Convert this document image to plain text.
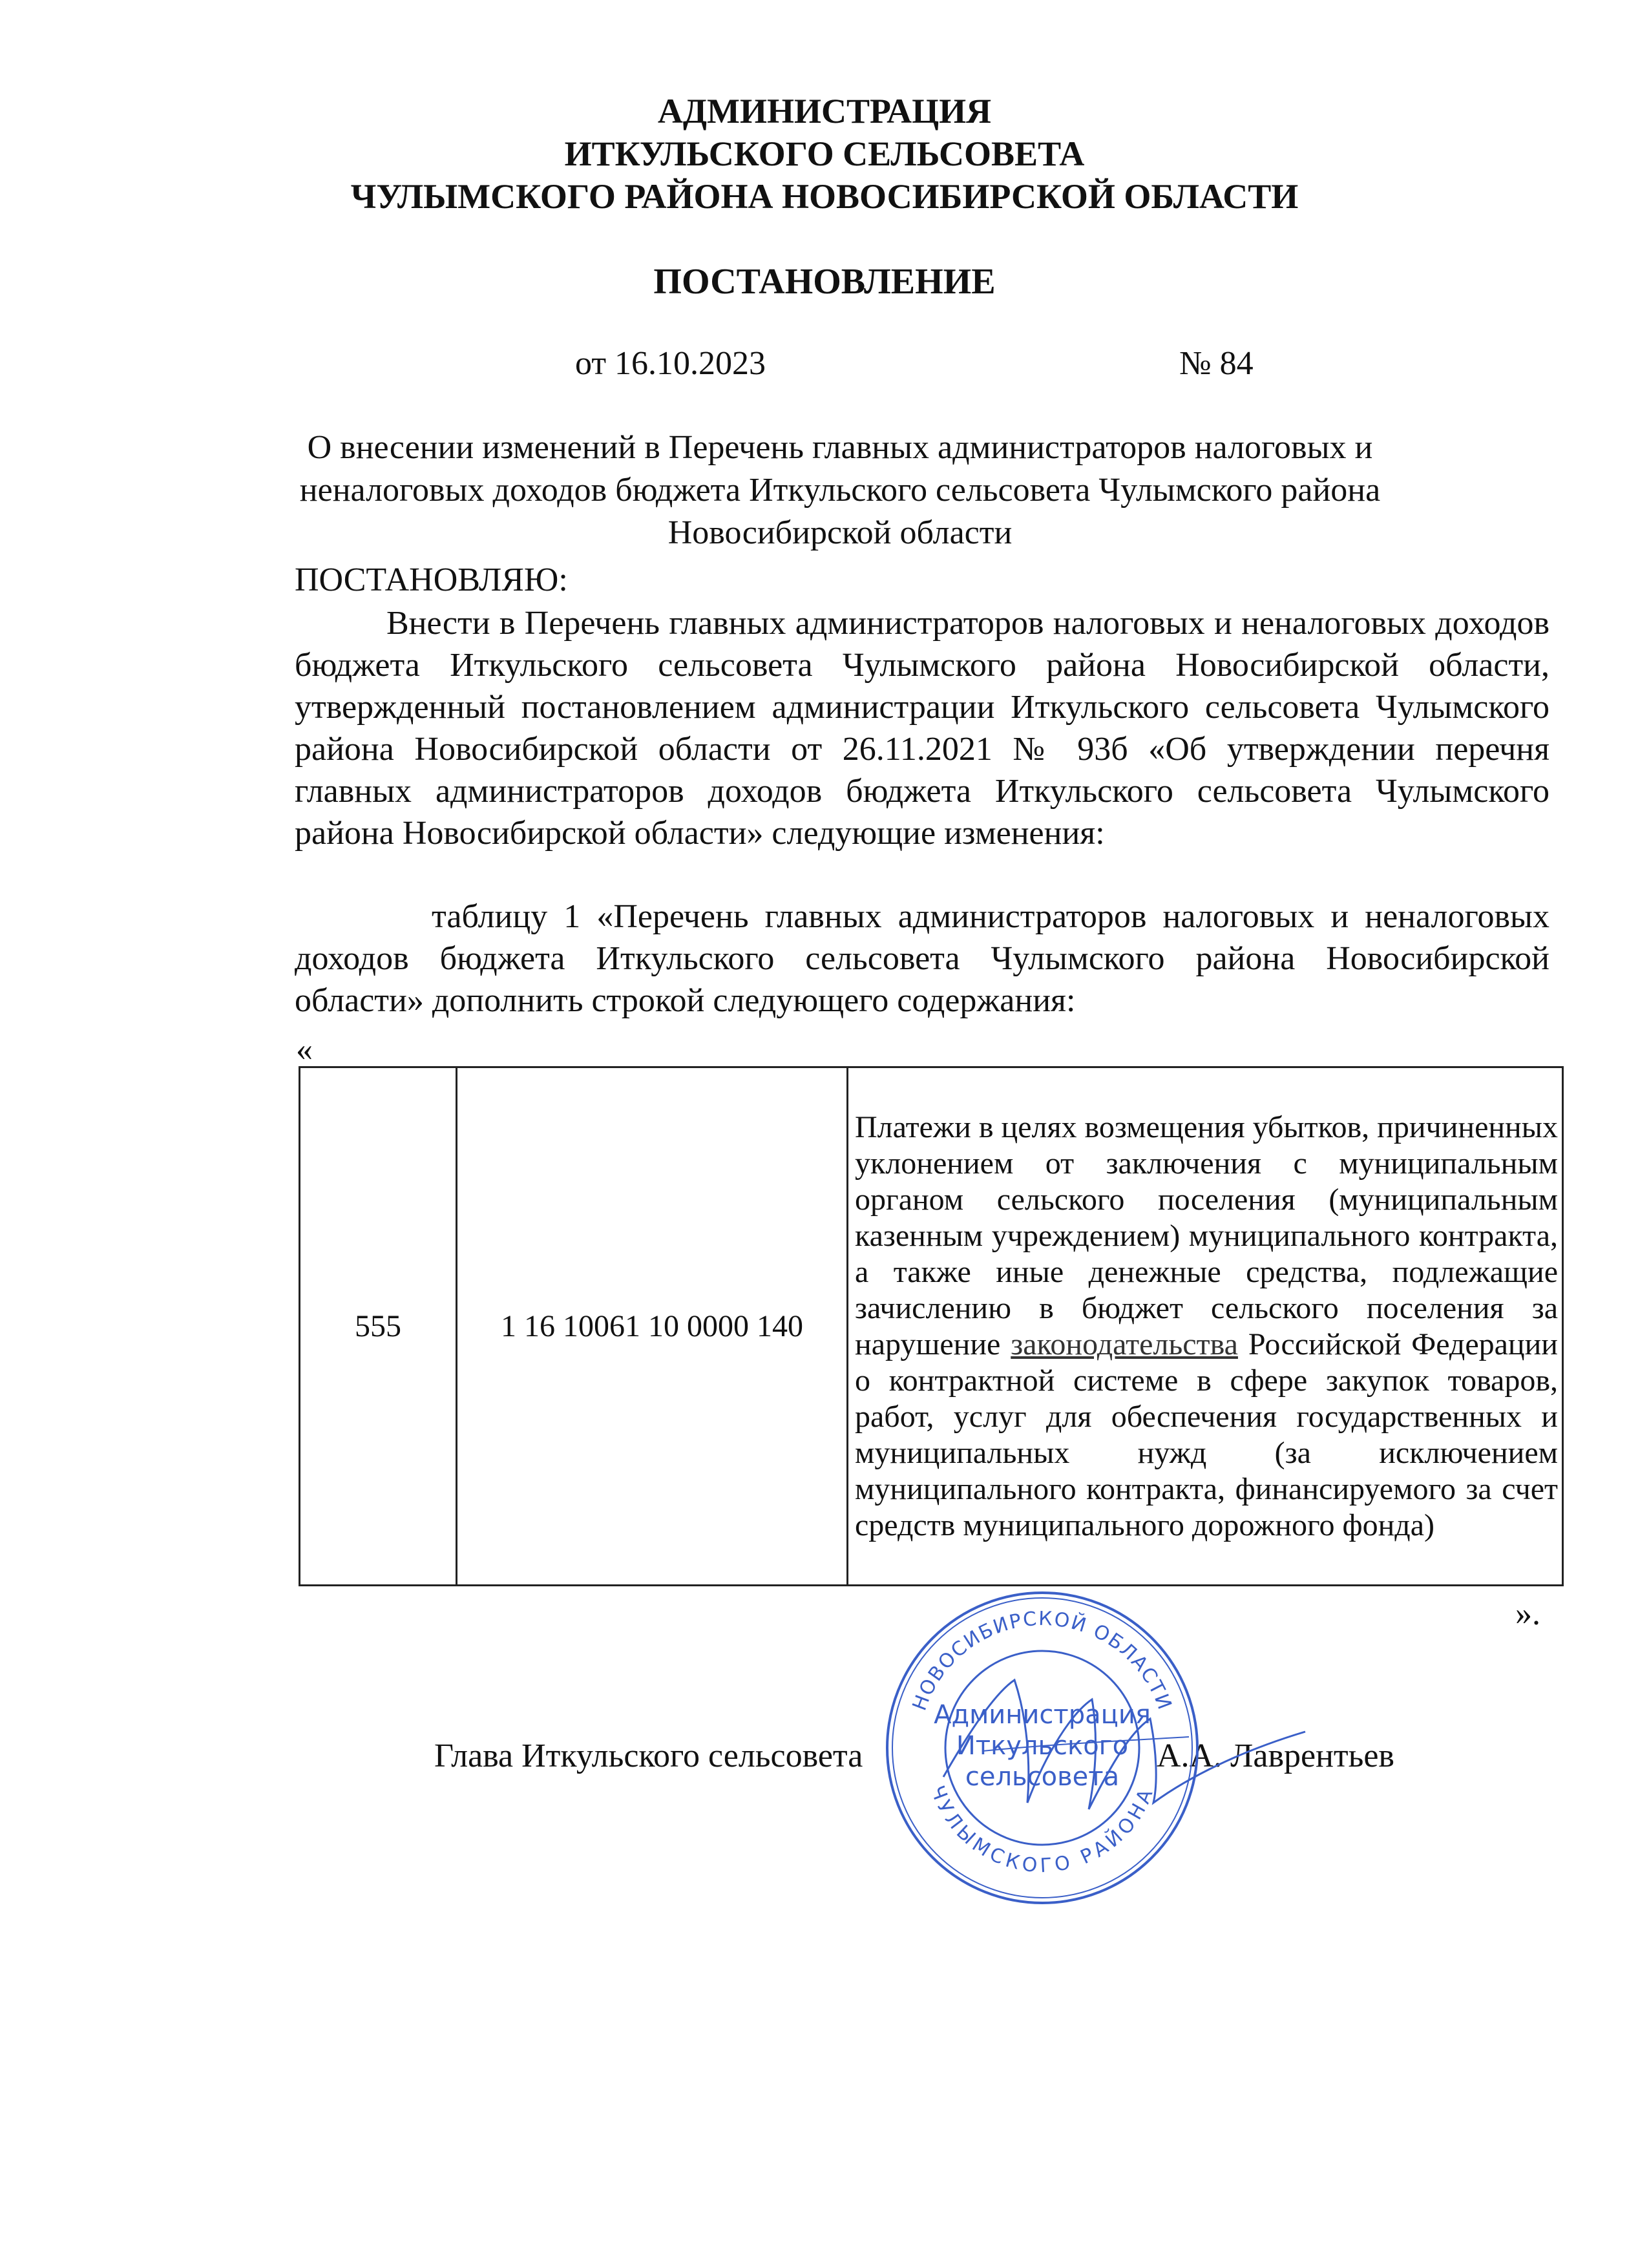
АДМИНИСТРАЦИЯ
ИТКУЛЬСКОГО СЕЛЬСОВЕТА
ЧУЛЫМСКОГО РАЙОНА НОВОСИБИРСКОЙ ОБЛАСТИ
ПОСТАНОВЛЕНИЕ
от 16.10.2023	№ 84
О внесении изменений в Перечень главных администраторов налоговых и неналоговых доходов бюджета Иткульского сельсовета Чулымского района Новосибирской области
ПОСТАНОВЛЯЮ:

Внести в Перечень главных администраторов налоговых и неналоговых доходов бюджета Иткульского сельсовета Чулымского района Новосибирской области, утвержденный постановлением администрации Иткульского сельсовета Чулымского района Новосибирской области от 26.11.2021 № 93б «Об утверждении перечня главных администраторов доходов бюджета Иткульского сельсовета Чулымского района Новосибирской области» следующие изменения:

таблицу 1 «Перечень главных администраторов налоговых и неналоговых доходов бюджета Иткульского сельсовета Чулымского района Новосибирской области» дополнить строкой следующего содержания:

«
555	1 16 10061 10 0000 140	Платежи в целях возмещения убытков, причиненных уклонением от заключения с муниципальным органом сельского поселения (муниципальным казенным учреждением) муниципального контракта, а также иные денежные средства, подлежащие зачислению в бюджет сельского поселения за нарушение законодательства Российской Федерации о контрактной системе в сфере закупок товаров, работ, услуг для обеспечения государственных и муниципальных нужд (за исключением муниципального контракта, финансируемого за счет средств муниципального дорожного фонда)
».
Глава Иткульского сельсовета	А.А. Лаврентьев
НОВОСИБИРСКОЙ ОБЛАСТИ
ЧУЛЫМСКОГО РАЙОНА
Администрация
Иткульского
сельсовета
